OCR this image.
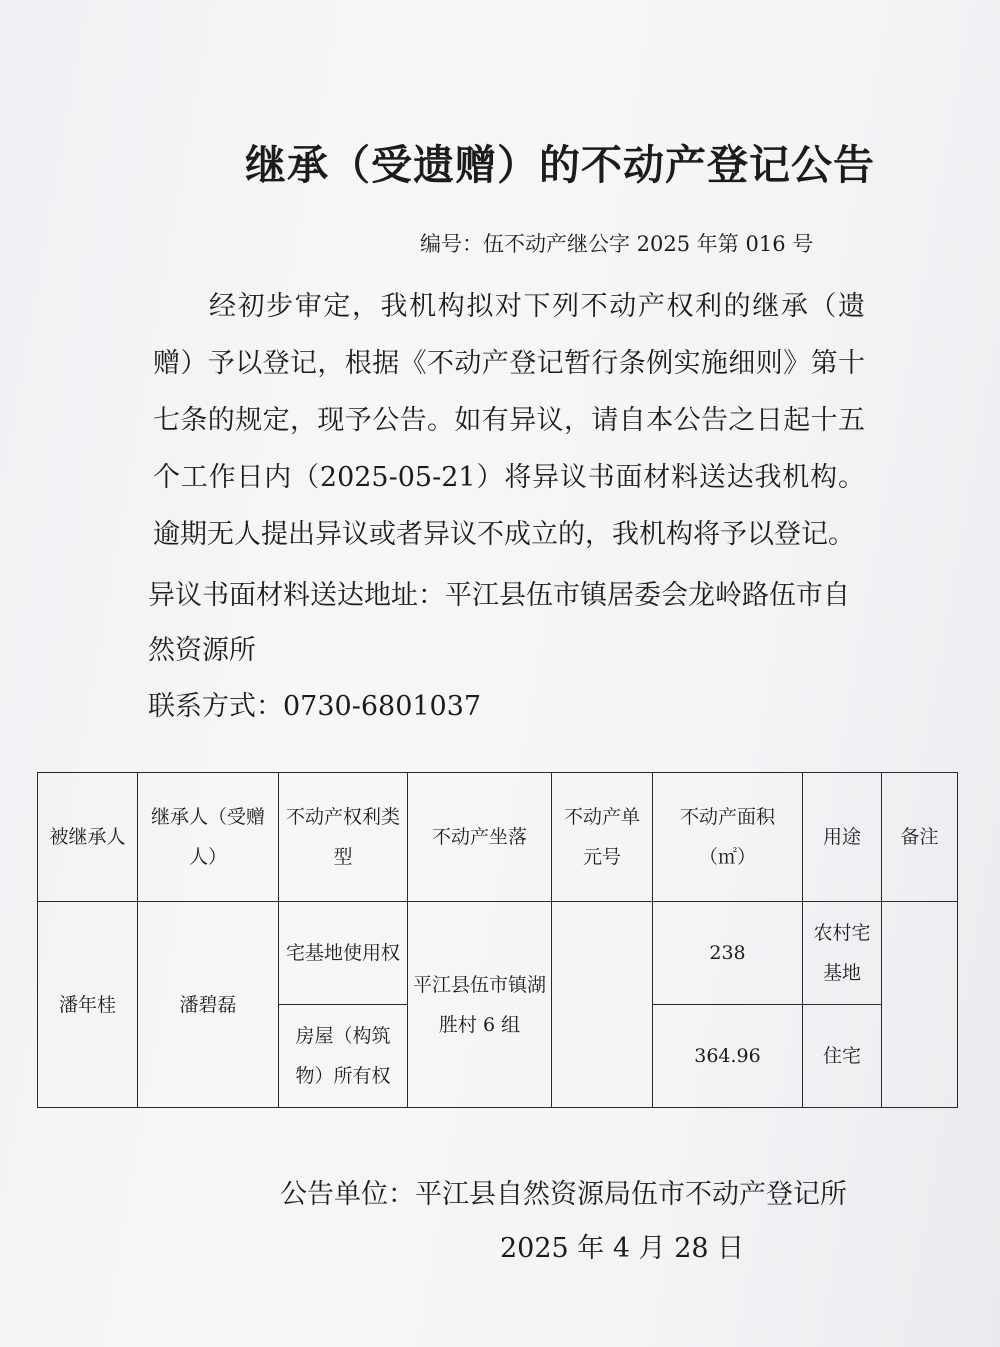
继承（受遗赠）的不动产登记公告
编号：伍不动产继公字 2025 年第 016 号
经初步审定，我机构拟对下列不动产权利的继承（遗赠）予以登记，根据《不动产登记暂行条例实施细则》第十七条的规定，现予公告。如有异议，请自本公告之日起十五个工作日内（2025-05-21）将异议书面材料送达我机构。逾期无人提出异议或者异议不成立的，我机构将予以登记。
异议书面材料送达地址：平江县伍市镇居委会龙岭路伍市自然资源所
联系方式：0730-6801037
被继承人	继承人（受赠人）	不动产权利类型	不动产坐落	不动产单元号	不动产面积（㎡）	用途	备注
潘年桂	潘碧磊	宅基地使用权	平江县伍市镇湖胜村 6 组		238	农村宅基地	
		房屋（构筑物）所有权			364.96	住宅	
公告单位：平江县自然资源局伍市不动产登记所
2025 年 4 月 28 日
